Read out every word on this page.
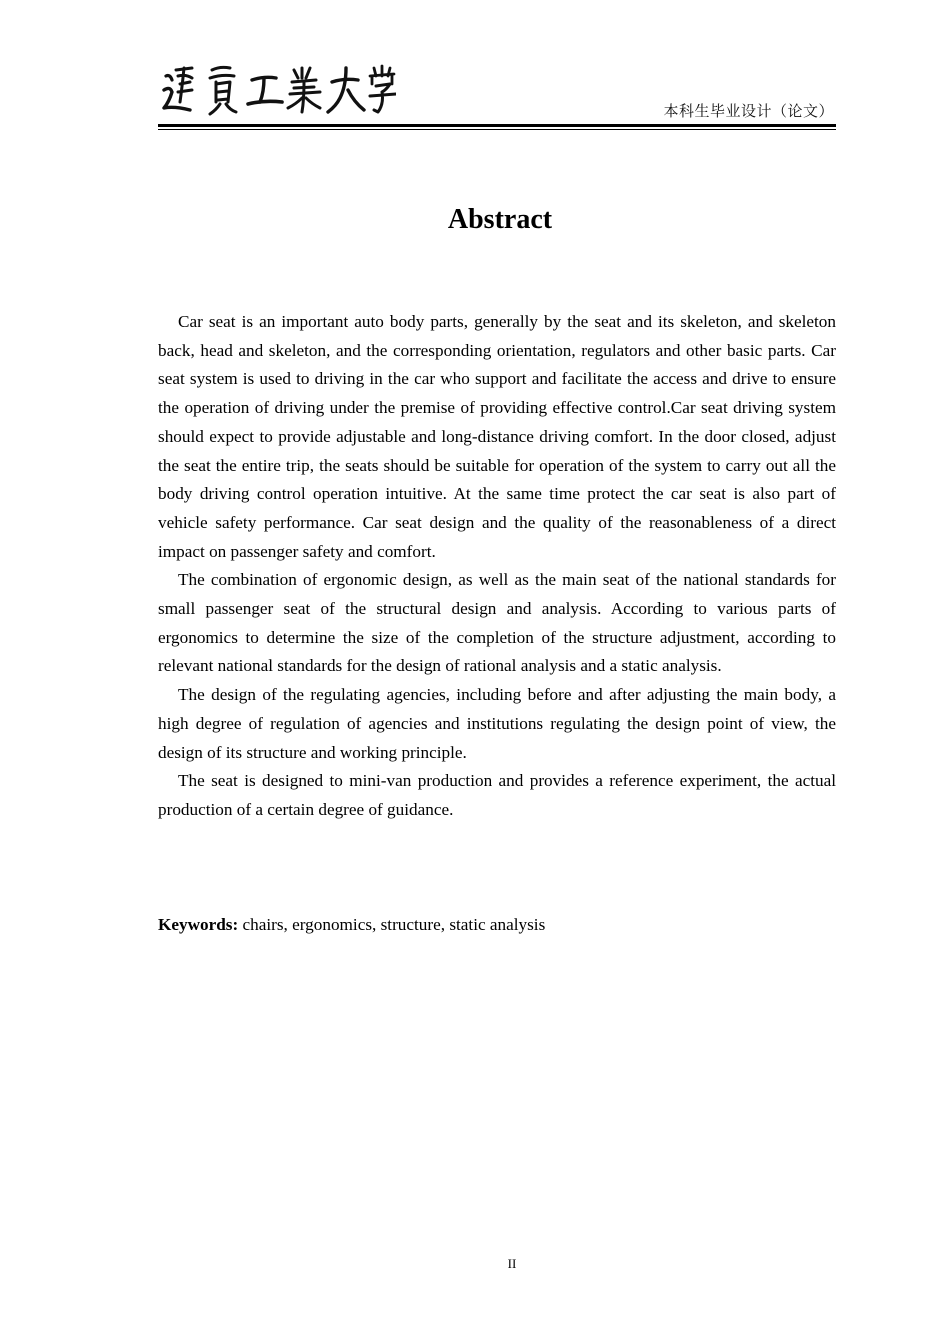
本科生毕业设计（论文）
Abstract

Car seat is an important auto body parts, generally by the seat and its skeleton, and skeleton back, head and skeleton, and the corresponding orientation, regulators and other basic parts. Car seat system is used to driving in the car who support and facilitate the access and drive to ensure the operation of driving under the premise of providing effective control.Car seat driving system should expect to provide adjustable and long-distance driving comfort. In the door closed, adjust the seat the entire trip, the seats should be suitable for operation of the system to carry out all the body driving control operation intuitive. At the same time protect the car seat is also part of vehicle safety performance. Car seat design and the quality of the reasonableness of a direct impact on passenger safety and comfort.

The combination of ergonomic design, as well as the main seat of the national standards for small passenger seat of the structural design and analysis. According to various parts of ergonomics to determine the size of the completion of the structure adjustment, according to relevant national standards for the design of rational analysis and a static analysis.

The design of the regulating agencies, including before and after adjusting the main body, a high degree of regulation of agencies and institutions regulating the design point of view, the design of its structure and working principle.

The seat is designed to mini-van production and provides a reference experiment, the actual production of a certain degree of guidance.

Keywords: chairs, ergonomics, structure, static analysis
II
